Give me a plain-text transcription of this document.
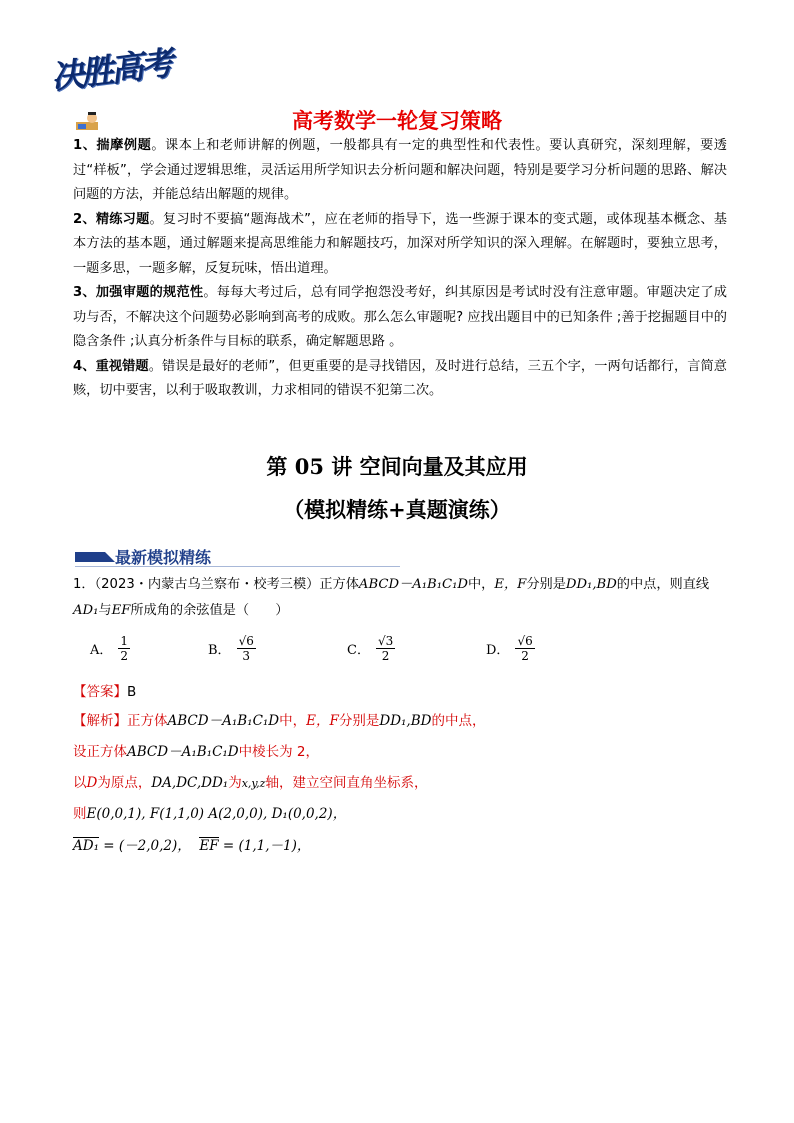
决胜高考
高考数学一轮复习策略

1、揣摩例题。课本上和老师讲解的例题，一般都具有一定的典型性和代表性。要认真研究，深刻理解，要透过“样板”，学会通过逻辑思维，灵活运用所学知识去分析问题和解决问题，特别是要学习分析问题的思路、解决问题的方法，并能总结出解题的规律。

2、精练习题。复习时不要搞“题海战术”，应在老师的指导下，选一些源于课本的变式题，或体现基本概念、基本方法的基本题，通过解题来提高思维能力和解题技巧，加深对所学知识的深入理解。在解题时，要独立思考，一题多思，一题多解，反复玩味，悟出道理。

3、加强审题的规范性。每每大考过后，总有同学抱怨没考好，纠其原因是考试时没有注意审题。审题决定了成功与否，不解决这个问题势必影响到高考的成败。那么怎么审题呢? 应找出题目中的已知条件 ;善于挖掘题目中的隐含条件 ;认真分析条件与目标的联系，确定解题思路 。

4、重视错题。错误是最好的老师”，但更重要的是寻找错因，及时进行总结，三五个字，一两句话都行，言简意赅，切中要害，以利于吸取教训，力求相同的错误不犯第二次。

第 05 讲 空间向量及其应用
（模拟精练+真题演练）
最新模拟精练
1．（2023・内蒙古乌兰察布・校考三模）正方体ABCD－A₁B₁C₁D中，E，F分别是DD₁,BD的中点，则直线
AD₁与EF所成角的余弦值是（　　）
A． $\frac{1}{2}$	B． $\frac{√6}{3}$	C． $\frac{√3}{2}$	D． $\frac{√6}{2}$
【答案】B
【解析】正方体ABCD－A₁B₁C₁D中，E，F分别是DD₁,BD的中点，
设正方体ABCD－A₁B₁C₁D中棱长为 2，
以D为原点，DA,DC,DD₁为x,y,z轴，建立空间直角坐标系，
则E(0,0,1), F(1,1,0) A(2,0,0), D₁(0,0,2)，
AD₁ = (－2,0,2)， EF = (1,1,－1)，
